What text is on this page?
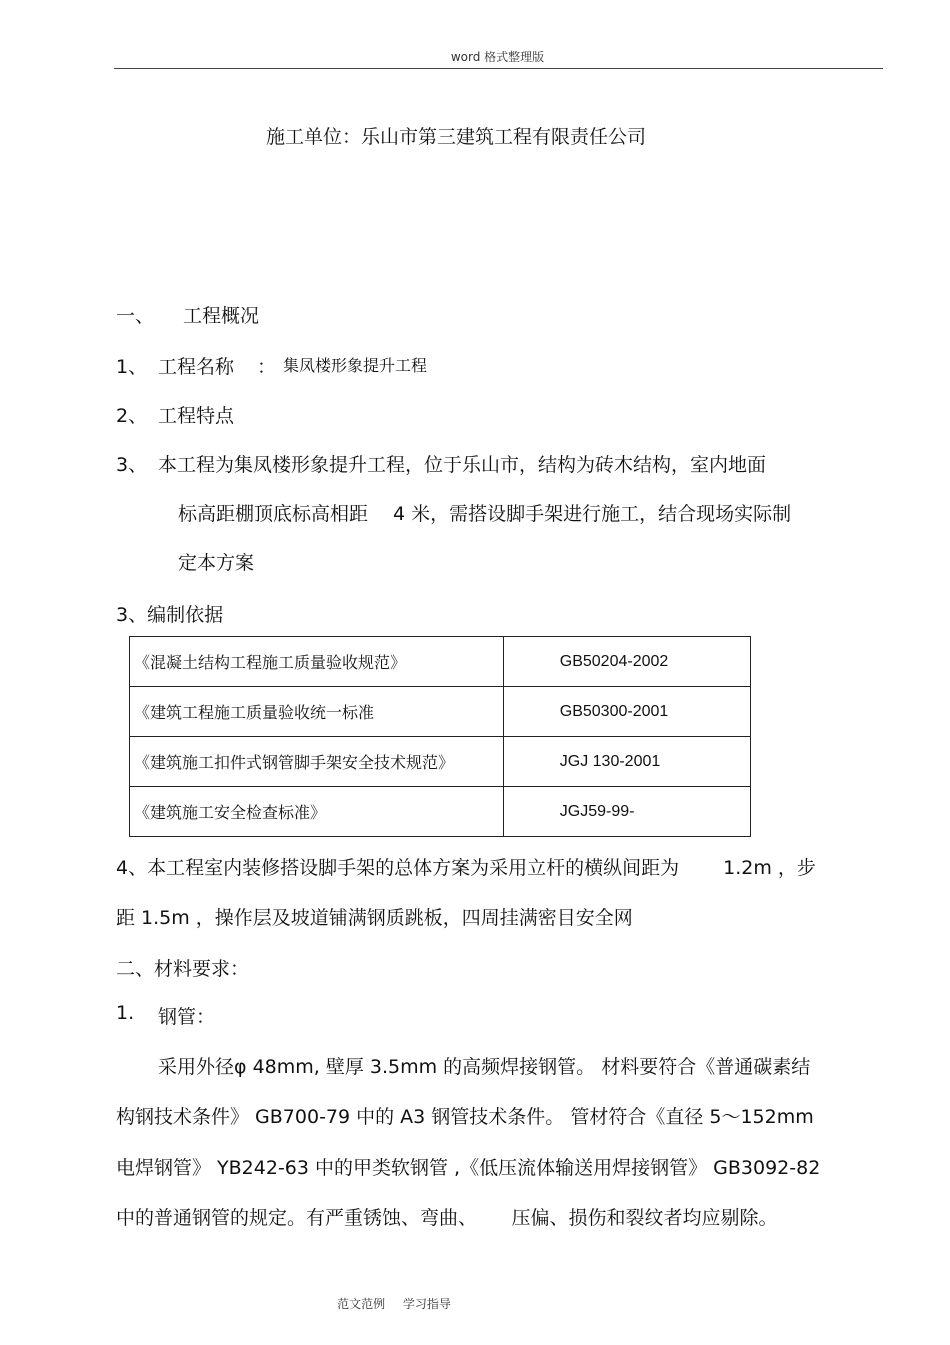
word 格式整理版
施工单位：乐山市第三建筑工程有限责任公司
一、 工程概况
1、 工程名称 ： 集凤楼形象提升工程
2、 工程特点
3、 本工程为集凤楼形象提升工程，位于乐山市，结构为砖木结构，室内地面
标高距棚顶底标高相距　 4 米，需搭设脚手架进行施工，结合现场实际制
定本方案
3、编制依据
《混凝土结构工程施工质量验收规范》	GB50204-2002
《建筑工程施工质量验收统一标准	GB50300-2001
《建筑施工扣件式钢管脚手架安全技术规范》	JGJ 130-2001
《建筑施工安全检查标准》	JGJ59-99-
4、本工程室内装修搭设脚手架的总体方案为采用立杆的横纵间距为　　 1.2m ，步
距 1.5m ，操作层及坡道铺满钢质跳板，四周挂满密目安全网
二、材料要求：
1. 钢管：
采用外径φ 48mm, 壁厚 3.5mm 的高频焊接钢管。 材料要符合《普通碳素结
构钢技术条件》 GB700-79 中的 A3 钢管技术条件。 管材符合《直径 5～152mm
电焊钢管》 YB242-63 中的甲类软钢管 ,《低压流体输送用焊接钢管》 GB3092-82
中的普通钢管的规定。有严重锈蚀、弯曲、　 　压偏、损伤和裂纹者均应剔除。
范文范例 学习指导
